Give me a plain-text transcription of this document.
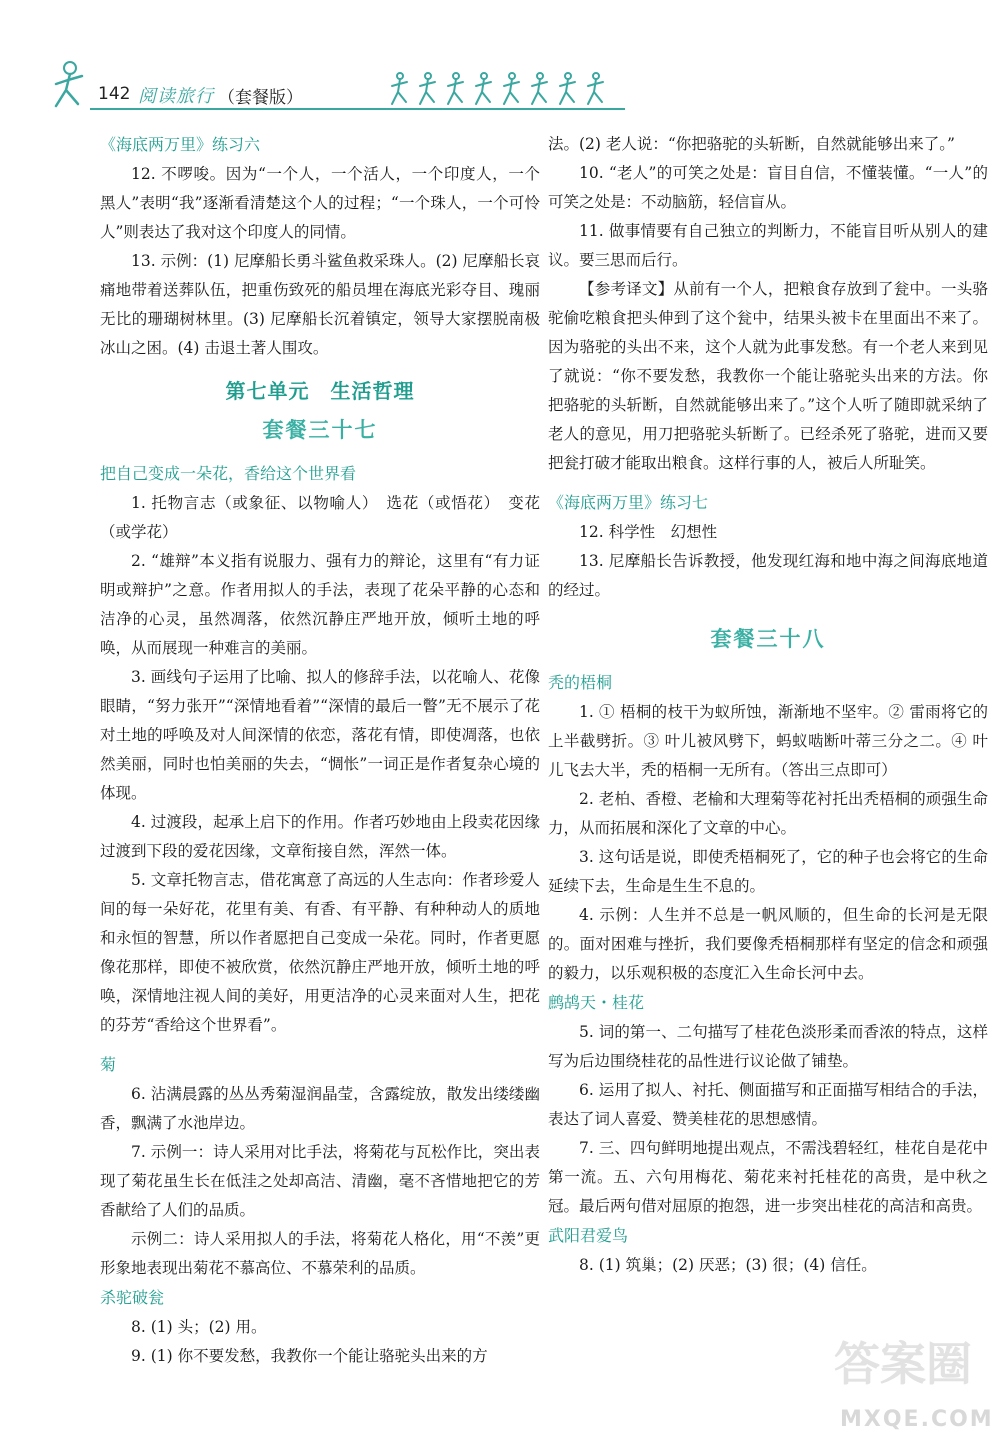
142 阅读旅行 （套餐版）

《海底两万里》练习六

12. 不啰唆。因为“一个人，一个活人，一个印度人，一个黑人”表明“我”逐渐看清楚这个人的过程；“一个珠人，一个可怜人”则表达了我对这个印度人的同情。

13. 示例：(1) 尼摩船长勇斗鲨鱼救采珠人。(2) 尼摩船长哀痛地带着送葬队伍，把重伤致死的船员埋在海底光彩夺目、瑰丽无比的珊瑚树林里。(3) 尼摩船长沉着镇定，领导大家摆脱南极冰山之困。(4) 击退土著人围攻。

第七单元　生活哲理
套餐三十七

把自己变成一朵花，香给这个世界看

1. 托物言志（或象征、以物喻人）　选花（或悟花）　变花（或学花）

2. “雄辩”本义指有说服力、强有力的辩论，这里有“有力证明或辩护”之意。作者用拟人的手法，表现了花朵平静的心态和洁净的心灵，虽然凋落，依然沉静庄严地开放，倾听土地的呼唤，从而展现一种难言的美丽。

3. 画线句子运用了比喻、拟人的修辞手法，以花喻人、花像眼睛，“努力张开”“深情地看着”“深情的最后一瞥”无不展示了花对土地的呼唤及对人间深情的依恋，落花有情，即使凋落，也依然美丽，同时也怕美丽的失去，“惆怅”一词正是作者复杂心境的体现。

4. 过渡段，起承上启下的作用。作者巧妙地由上段卖花因缘过渡到下段的爱花因缘，文章衔接自然，浑然一体。

5. 文章托物言志，借花寓意了高远的人生志向：作者珍爱人间的每一朵好花，花里有美、有香、有平静、有种种动人的质地和永恒的智慧，所以作者愿把自己变成一朵花。同时，作者更愿像花那样，即使不被欣赏，依然沉静庄严地开放，倾听土地的呼唤，深情地注视人间的美好，用更洁净的心灵来面对人生，把花的芬芳“香给这个世界看”。

菊

6. 沾满晨露的丛丛秀菊湿润晶莹，含露绽放，散发出缕缕幽香，飘满了水池岸边。

7. 示例一：诗人采用对比手法，将菊花与瓦松作比，突出表现了菊花虽生长在低洼之处却高洁、清幽，毫不吝惜地把它的芳香献给了人们的品质。

示例二：诗人采用拟人的手法，将菊花人格化，用“不羡”更形象地表现出菊花不慕高位、不慕荣利的品质。

杀驼破瓮

8. (1) 头；(2) 用。

9. (1) 你不要发愁，我教你一个能让骆驼头出来的方

法。(2) 老人说：“你把骆驼的头斩断，自然就能够出来了。”

10. “老人”的可笑之处是：盲目自信，不懂装懂。“一人”的可笑之处是：不动脑筋，轻信盲从。

11. 做事情要有自己独立的判断力，不能盲目听从别人的建议。要三思而后行。

【参考译文】从前有一个人，把粮食存放到了瓮中。一头骆驼偷吃粮食把头伸到了这个瓮中，结果头被卡在里面出不来了。因为骆驼的头出不来，这个人就为此事发愁。有一个老人来到见了就说：“你不要发愁，我教你一个能让骆驼头出来的方法。你把骆驼的头斩断，自然就能够出来了。”这个人听了随即就采纳了老人的意见，用刀把骆驼头斩断了。已经杀死了骆驼，进而又要把瓮打破才能取出粮食。这样行事的人，被后人所耻笑。

《海底两万里》练习七

12. 科学性　幻想性

13. 尼摩船长告诉教授，他发现红海和地中海之间海底地道的经过。

套餐三十八

秃的梧桐

1. ① 梧桐的枝干为蚁所蚀，渐渐地不坚牢。② 雷雨将它的上半截劈折。③ 叶儿被风劈下，蚂蚁啮断叶蒂三分之二。④ 叶儿飞去大半，秃的梧桐一无所有。（答出三点即可）

2. 老柏、香橙、老榆和大理菊等花衬托出秃梧桐的顽强生命力，从而拓展和深化了文章的中心。

3. 这句话是说，即使秃梧桐死了，它的种子也会将它的生命延续下去，生命是生生不息的。

4. 示例：人生并不总是一帆风顺的，但生命的长河是无限的。面对困难与挫折，我们要像秃梧桐那样有坚定的信念和顽强的毅力，以乐观积极的态度汇入生命长河中去。

鹧鸪天・桂花

5. 词的第一、二句描写了桂花色淡形柔而香浓的特点，这样写为后边围绕桂花的品性进行议论做了铺垫。

6. 运用了拟人、衬托、侧面描写和正面描写相结合的手法，表达了词人喜爱、赞美桂花的思想感情。

7. 三、四句鲜明地提出观点，不需浅碧轻红，桂花自是花中第一流。五、六句用梅花、菊花来衬托桂花的高贵，是中秋之冠。最后两句借对屈原的抱怨，进一步突出桂花的高洁和高贵。

武阳君爱鸟

8. (1) 筑巢；(2) 厌恶；(3) 很；(4) 信任。

答案圈
MXQE.COM
